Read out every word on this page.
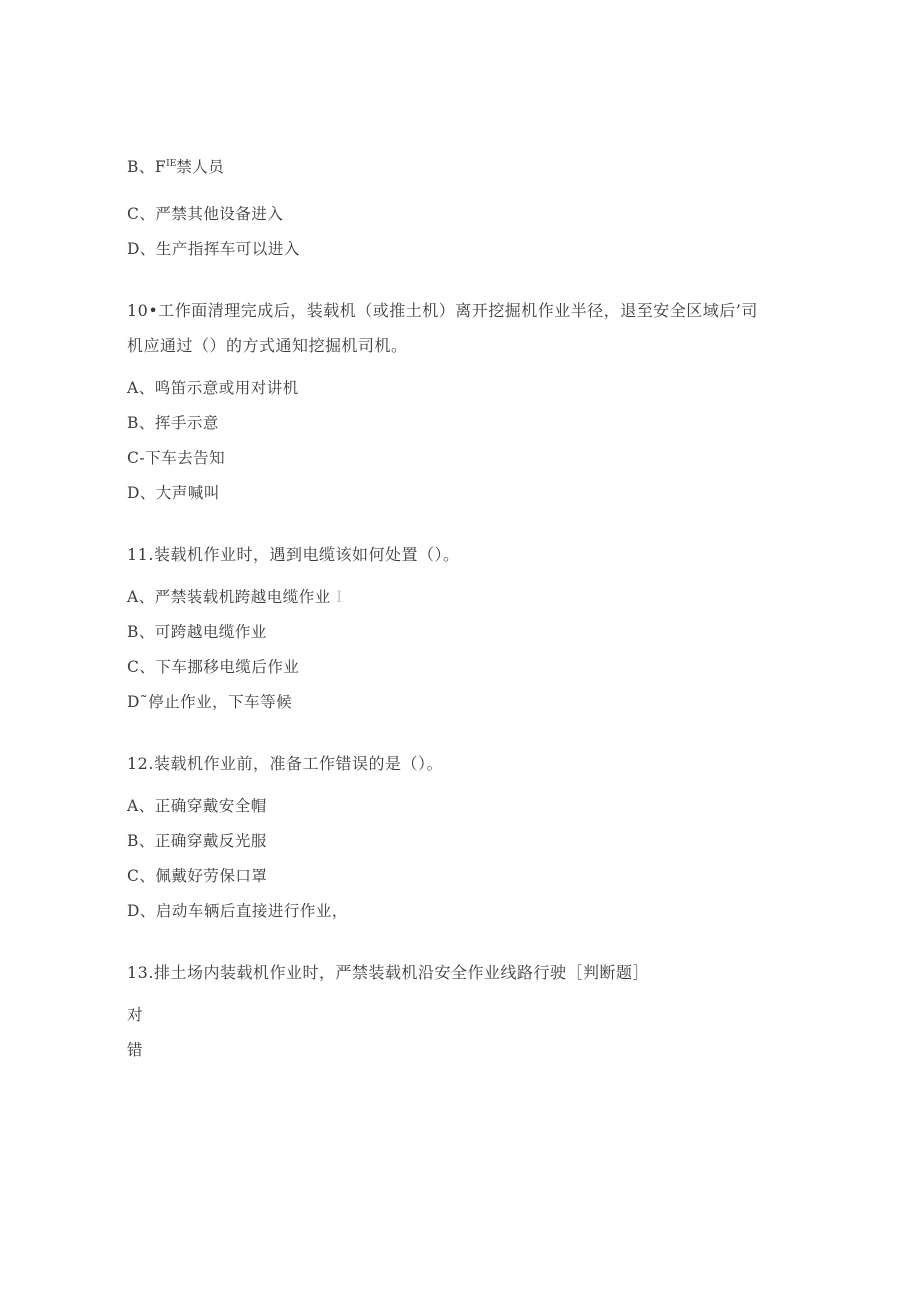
B、$F^{IE}$禁人员
C、严禁其他设备进入
D、生产指挥车可以进入
10•工作面清理完成后，装载机（或推土机）离开挖掘机作业半径，退至安全区域后’司
机应通过（）的方式通知挖掘机司机。
A、鸣笛示意或用对讲机
B、挥手示意
C-下车去告知
D、大声喊叫
11.装载机作业时，遇到电缆该如何处置（）。
A、严禁装载机跨越电缆作业 I
B、可跨越电缆作业
C、下车挪移电缆后作业
D˜停止作业，下车等候
12.装载机作业前，准备工作错误的是（）。
A、正确穿戴安全帽
B、正确穿戴反光服
C、佩戴好劳保口罩
D、启动车辆后直接进行作业，
13.排土场内装载机作业时，严禁装载机沿安全作业线路行驶［判断题］
对
错
